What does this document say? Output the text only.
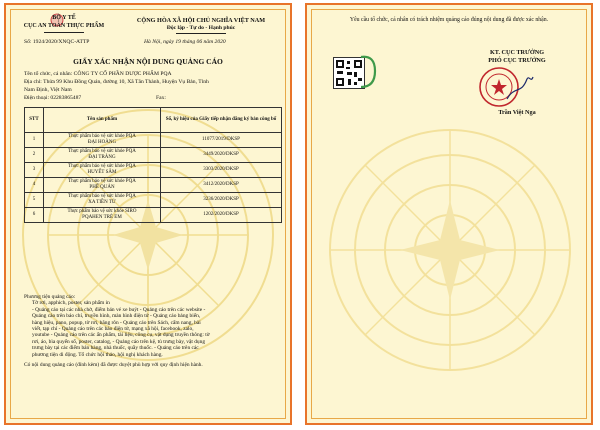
BỘ Y TẾ
CỤC AN TOÀN THỰC PHẨM
CỘNG HÒA XÃ HỘI CHỦ NGHĨA VIỆT NAM
Độc lập - Tự do - Hạnh phúc
Số: 1924/2020/XNQC-ATTP	Hà Nội, ngày 19 tháng 06 năm 2020
GIẤY XÁC NHẬN NỘI DUNG QUẢNG CÁO
Tên tổ chức, cá nhân: CÔNG TY CỔ PHẦN DƯỢC PHẨM PQA
Địa chỉ: Thửa 99 Khu Đồng Quán, đường 10, Xã Tân Thành, Huyện Vụ Bản, Tỉnh
Nam Định, Việt Nam
Điện thoại: 02283865487	Fax:
STT	Tên sản phẩm	Số, ký hiệu của Giấy tiếp nhận đăng ký bản công bố
1	Thực phẩm bảo vệ sức khỏe PQA
ĐẠI HOÀNG	11077/2019/DKSP
2	Thực phẩm bảo vệ sức khỏe PQA
ĐẠI TRÀNG	3449/2020/DKSP
3	Thực phẩm bảo vệ sức khỏe PQA
HUYẾT SÂM	3303/2020/DKSP
4	Thực phẩm bảo vệ sức khỏe PQA
PHẾ QUẢN	3412/2020/DKSP
5	Thực phẩm bảo vệ sức khỏe PQA
XA TIỀN TỬ	3236/2020/DKSP
6	Thực phẩm bảo vệ sức khỏe SIRO
PQAHEN TRẺ EM	1202/2020/DKSP
Phương tiện quảng cáo:
Tờ rơi, apphich, poster, sản phẩm in
- Quảng cáo tại các nhà chờ, điểm bán vé xe buýt - Quảng cáo trên các website -
Quảng cáo trên báo chí, truyền hình, màn hình điện tử - Quảng cáo bảng biển,
hàng hiệu, pano, popup, tờ rơi, băng rôn - Quảng cáo trên Sách, cẩm nang, bài
viết, tạp chí - Quảng cáo trên các báo điện tử, mạng xã hội, facebook, zalo,
youtube - Quảng cáo trên các ấn phẩm, tài liệu, công cụ, vật dụng truyền thông: tờ
rơi, áo, bìa quyển sổ, poster, catalog, - Quảng cáo trên kệ, tủ trưng bày, vật dụng
trưng bày tại các điểm bán hàng, nhà thuốc, quầy thuốc. - Quảng cáo trên các
phương tiện di động. Tổ chức hội thảo, hội nghị khách hàng.
Có nội dung quảng cáo (đính kèm) đã được duyệt phù hợp với quy định hiện hành.
Yêu cầu tổ chức, cá nhân có trách nhiệm quảng cáo đúng nội dung đã được xác nhận.
KT. CỤC TRƯỞNG
PHÓ CỤC TRƯỞNG
Trần Việt Nga
